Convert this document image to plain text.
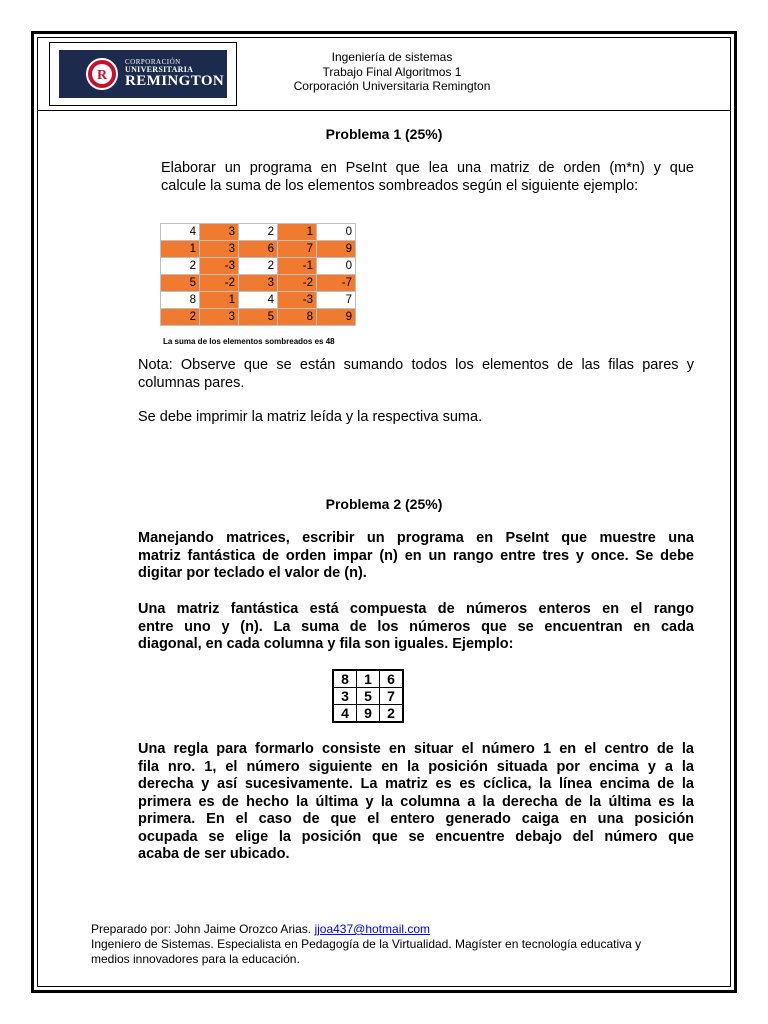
R
CORPORACIÓN
UNIVERSITARIA
REMINGTON
Ingeniería de sistemas
Trabajo Final Algoritmos 1
Corporación Universitaria Remington
Problema 1 (25%)
Elaborar un programa en PseInt que lea una matriz de orden (m*n) y que
calcule la suma de los elementos sombreados según el siguiente ejemplo:
4	3	2	1	0
1	3	6	7	9
2	-3	2	-1	0
5	-2	3	-2	-7
8	1	4	-3	7
2	3	5	8	9
La suma de los elementos sombreados es 48
Nota: Observe que se están sumando todos los elementos de las filas pares y
columnas pares.
Se debe imprimir la matriz leída y la respectiva suma.
Problema 2 (25%)
Manejando matrices, escribir un programa en PseInt que muestre una
matriz fantástica de orden impar (n) en un rango entre tres y once. Se debe
digitar por teclado el valor de (n).
Una matriz fantástica está compuesta de números enteros en el rango
entre uno y (n). La suma de los números que se encuentran en cada
diagonal, en cada columna y fila son iguales. Ejemplo:
8	1	6
3	5	7
4	9	2
Una regla para formarlo consiste en situar el número 1 en el centro de la
fila nro. 1, el número siguiente en la posición situada por encima y a la
derecha y así sucesivamente. La matriz es es cíclica, la línea encima de la
primera es de hecho la última y la columna a la derecha de la última es la
primera. En el caso de que el entero generado caiga en una posición
ocupada se elige la posición que se encuentre debajo del número que
acaba de ser ubicado.
Preparado por: John Jaime Orozco Arias. jjoa437@hotmail.com
Ingeniero de Sistemas. Especialista en Pedagogía de la Virtualidad. Magíster en tecnología educativa y
medios innovadores para la educación.
